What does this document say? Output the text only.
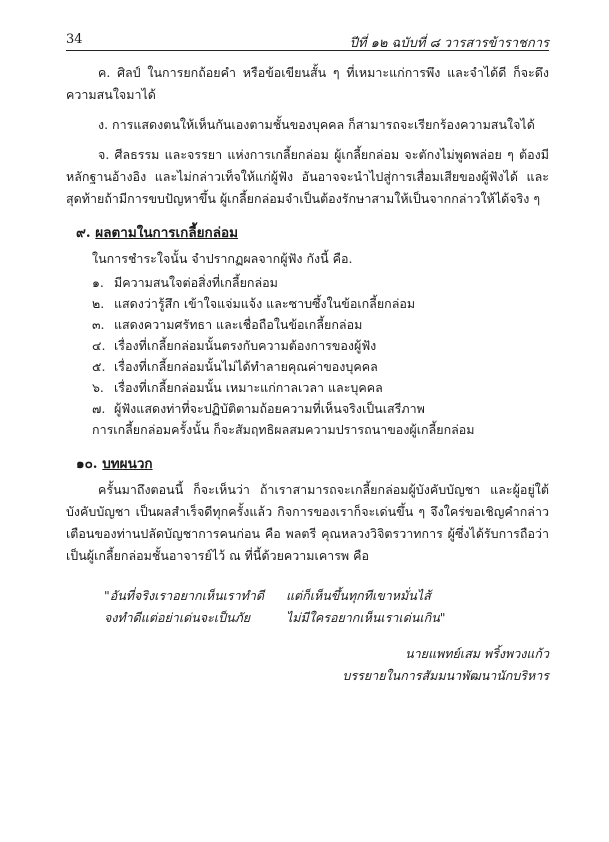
34	ปีที่ ๑๒ ฉบับที่ ๘ วารสารข้าราชการ

ค. ศิลป์ ในการยกถ้อยคำ หรือข้อเขียนสั้น ๆ ที่เหมาะแก่การพึง และจำได้ดี ก็จะดึงความสนใจมาได้

ง. การแสดงตนให้เห็นกันเองตามชั้นของบุคคล ก็สามารถจะเรียกร้องความสนใจได้

จ. ศีลธรรม และจรรยา แห่งการเกลี้ยกล่อม ผู้เกลี้ยกล่อม จะตักงไม่พูดพล่อย ๆ ต้องมีหลักฐานอ้างอิง และไม่กล่าวเท็จให้แก่ผู้ฟัง อันอาจจะนำไปสู่การเสื่อมเสียของผู้ฟังได้ และสุดท้ายถ้ามีการขบปัญหาขึ้น ผู้เกลี้ยกล่อมจำเป็นต้องรักษาสามให้เป็นจากกล่าวให้ได้จริง ๆ

๙. ผลตามในการเกลี้ยกล่อม
ในการชำระใจนั้น จำปรากฏผลจากผู้ฟัง กังนี้ คือ.
๑. มีความสนใจต่อสิ่งที่เกลี้ยกล่อม
๒. แสดงว่ารู้สึก เข้าใจแจ่มแจ้ง และซาบซึ้งในข้อเกลี้ยกล่อม
๓. แสดงความศรัทธา และเชื่อถือในข้อเกลี้ยกล่อม
๔. เรื่องที่เกลี้ยกล่อมนั้นตรงกับความต้องการของผู้ฟัง
๕. เรื่องที่เกลี้ยกล่อมนั้นไม่ได้ทำลายคุณค่าของบุคคล
๖. เรื่องที่เกลี้ยกล่อมนั้น เหมาะแก่กาลเวลา และบุคคล
๗. ผู้ฟังแสดงท่าที่จะปฏิบัติตามถ้อยความที่เห็นจริงเป็นเสรีภาพ
การเกลี้ยกล่อมครั้งนั้น ก็จะสัมฤทธิผลสมความปรารถนาของผู้เกลี้ยกล่อม
๑๐. บทผนวก

ครั้นมาถึงตอนนี้ ก็จะเห็นว่า ถ้าเราสามารถจะเกลี้ยกล่อมผู้บังคับบัญชา และผู้อยู่ใต้บังคับบัญชา เป็นผลสำเร็จดีทุกครั้งแล้ว กิจการของเราก็จะเด่นขึ้น ๆ จึงใคร่ขอเชิญคำกล่าวเตือนของท่านปลัดบัญชาการคนก่อน คือ พลตรี คุณหลวงวิจิตรวาทการ ผู้ซึ่งได้รับการถือว่าเป็นผู้เกลี้ยกล่อมชั้นอาจารย์ไว้ ณ ที่นี้ด้วยความเคารพ คือ

"อันที่จริงเราอยากเห็นเราทำดี	แต่ก็เห็นขึ้นทุกทีเขาหมั่นไส้
จงทำดีแต่อย่าเด่นจะเป็นภัย	ไม่มีใครอยากเห็นเราเด่นเกิน"
นายแพทย์เสม พริ้งพวงแก้ว
บรรยายในการสัมมนาพัฒนานักบริหาร
